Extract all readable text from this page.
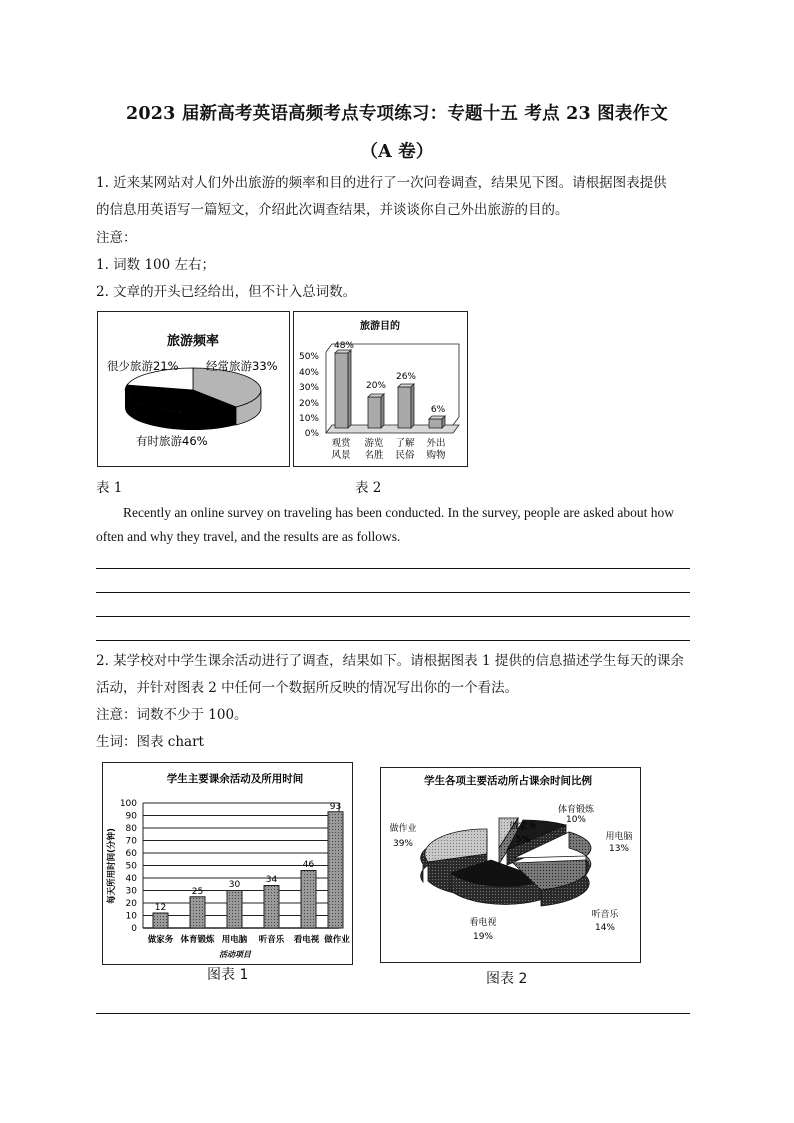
2023 届新高考英语高频考点专项练习：专题十五 考点 23 图表作文
（A 卷）
1. 近来某网站对人们外出旅游的频率和目的进行了一次问卷调查，结果见下图。请根据图表提供
的信息用英语写一篇短文，介绍此次调查结果，并谈谈你自己外出旅游的目的。
注意：
1. 词数 100 左右；
2. 文章的开头已经给出，但不计入总词数。
旅游频率
很少旅游21% 经常旅游33%
有时旅游46%
旅游目的
0%
10%
20%
30%
40%
50%
48%
20%
26%
6%
观赏
风景
游览
名胜
了解
民俗
外出
购物
表 1	表 2
Recently an online survey on traveling has been conducted. In the survey, people are asked about how
often and why they travel, and the results are as follows.
2. 某学校对中学生课余活动进行了调查，结果如下。请根据图表 1 提供的信息描述学生每天的课余
活动，并针对图表 2 中任何一个数据所反映的情况写出你的一个看法。
注意：词数不少于 100。
生词：图表 chart
学生主要课余活动及所用时间
0
10
20
30
40
50
60
70
80
90
100
每天所用时间(分钟)
12
25
30	34
46
93
做家务 体育锻炼 用电脑 听音乐 看电视 做作业
活动项目
学生各项主要活动所占课余时间比例
做作业
39%
做家务
5%
体育锻炼
10%
用电脑
13%
听音乐
14%
看电视
19%
图表 1	图表 2
